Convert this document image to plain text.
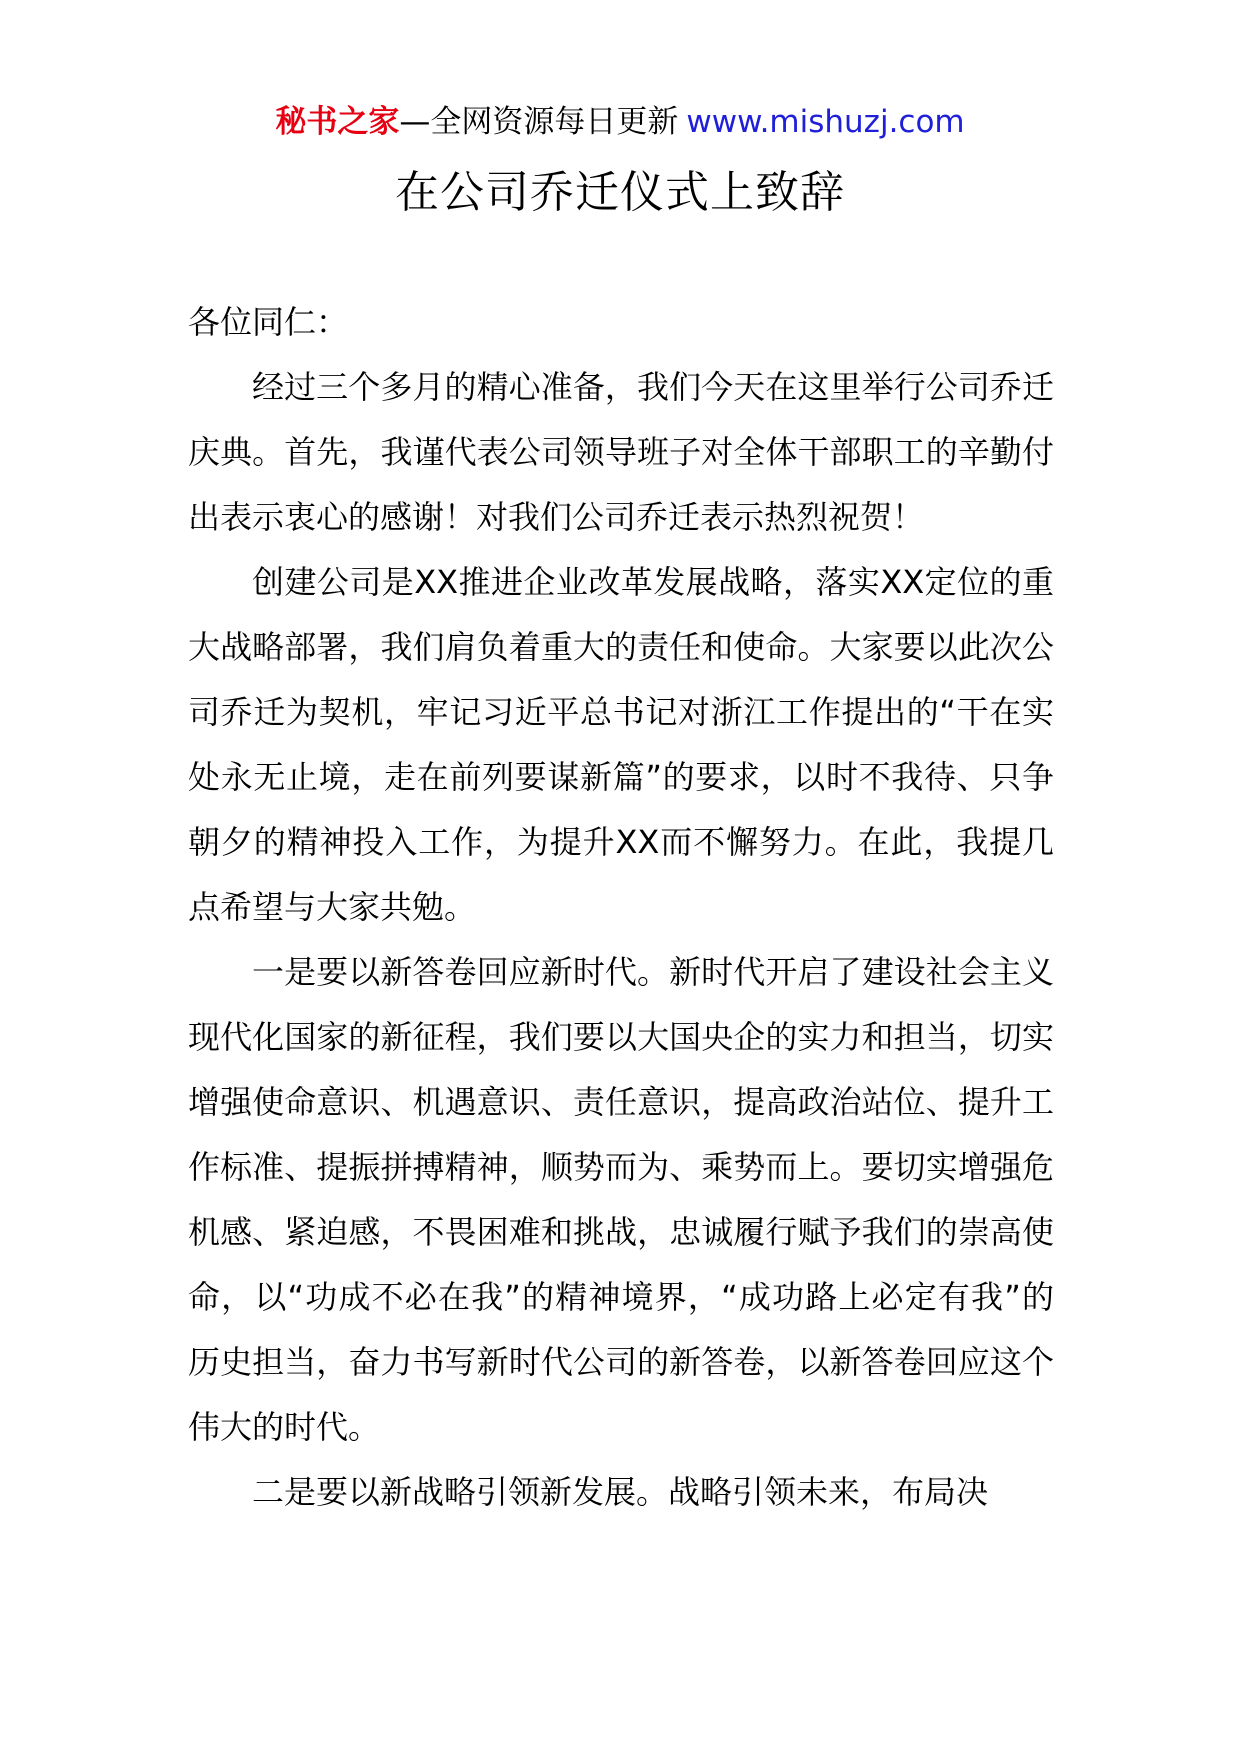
秘书之家—全网资源每日更新 www.mishuzj.com
在公司乔迁仪式上致辞

各位同仁：

经过三个多月的精心准备，我们今天在这里举行公司乔迁庆典。首先，我谨代表公司领导班子对全体干部职工的辛勤付出表示衷心的感谢！对我们公司乔迁表示热烈祝贺！

创建公司是XX推进企业改革发展战略，落实XX定位的重大战略部署，我们肩负着重大的责任和使命。大家要以此次公司乔迁为契机，牢记习近平总书记对浙江工作提出的“干在实处永无止境，走在前列要谋新篇”的要求，以时不我待、只争朝夕的精神投入工作，为提升XX而不懈努力。在此，我提几点希望与大家共勉。

一是要以新答卷回应新时代。新时代开启了建设社会主义现代化国家的新征程，我们要以大国央企的实力和担当，切实增强使命意识、机遇意识、责任意识，提高政治站位、提升工作标准、提振拼搏精神，顺势而为、乘势而上。要切实增强危机感、紧迫感，不畏困难和挑战，忠诚履行赋予我们的崇高使命，以“功成不必在我”的精神境界，“成功路上必定有我”的历史担当，奋力书写新时代公司的新答卷，以新答卷回应这个伟大的时代。

二是要以新战略引领新发展。战略引领未来，布局决
